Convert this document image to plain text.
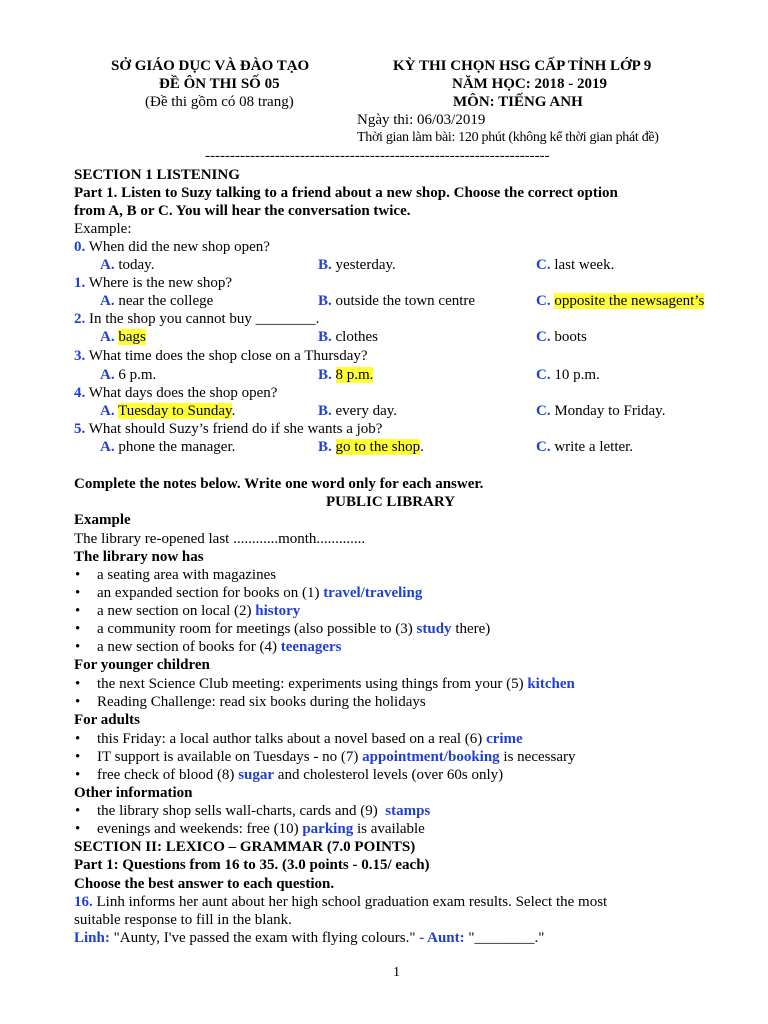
SỞ GIÁO DỤC VÀ ĐÀO TẠO
ĐỀ ÔN THI SỐ 05
(Đề thi gồm có 08 trang)
KỲ THI CHỌN HSG CẤP TỈNH LỚP 9
NĂM HỌC: 2018 - 2019
MÔN: TIẾNG ANH
Ngày thi: 06/03/2019
Thời gian làm bài: 120 phút (không kể thời gian phát đề)
---------------------------------------------------------------------
SECTION 1 LISTENING
Part 1. Listen to Suzy talking to a friend about a new shop. Choose the correct option
from A, B or C. You will hear the conversation twice.
Example:
0. When did the new shop open?
A. today.	B. yesterday.	C. last week.
1. Where is the new shop?
A. near the college	B. outside the town centre	C. opposite the newsagent’s
2. In the shop you cannot buy ________.
A. bags	B. clothes	C. boots
3. What time does the shop close on a Thursday?
A. 6 p.m.	B. 8 p.m.	C. 10 p.m.
4. What days does the shop open?
A. Tuesday to Sunday.	B. every day.	C. Monday to Friday.
5. What should Suzy’s friend do if she wants a job?
A. phone the manager.	B. go to the shop.	C. write a letter.
Complete the notes below. Write one word only for each answer.
PUBLIC LIBRARY
Example
The library re-opened last ............month.............
The library now has
• a seating area with magazines
• an expanded section for books on (1) travel/traveling
• a new section on local (2) history
• a community room for meetings (also possible to (3) study there)
• a new section of books for (4) teenagers
For younger children
• the next Science Club meeting: experiments using things from your (5) kitchen
• Reading Challenge: read six books during the holidays
For adults
• this Friday: a local author talks about a novel based on a real (6) crime
• IT support is available on Tuesdays - no (7) appointment/booking is necessary
• free check of blood (8) sugar and cholesterol levels (over 60s only)
Other information
• the library shop sells wall-charts, cards and (9)  stamps
• evenings and weekends: free (10) parking is available
SECTION II: LEXICO – GRAMMAR (7.0 POINTS)
Part 1: Questions from 16 to 35. (3.0 points - 0.15/ each)
Choose the best answer to each question.
16. Linh informs her aunt about her high school graduation exam results. Select the most
suitable response to fill in the blank.
Linh: "Aunty, I've passed the exam with flying colours." - Aunt: "________."
1
